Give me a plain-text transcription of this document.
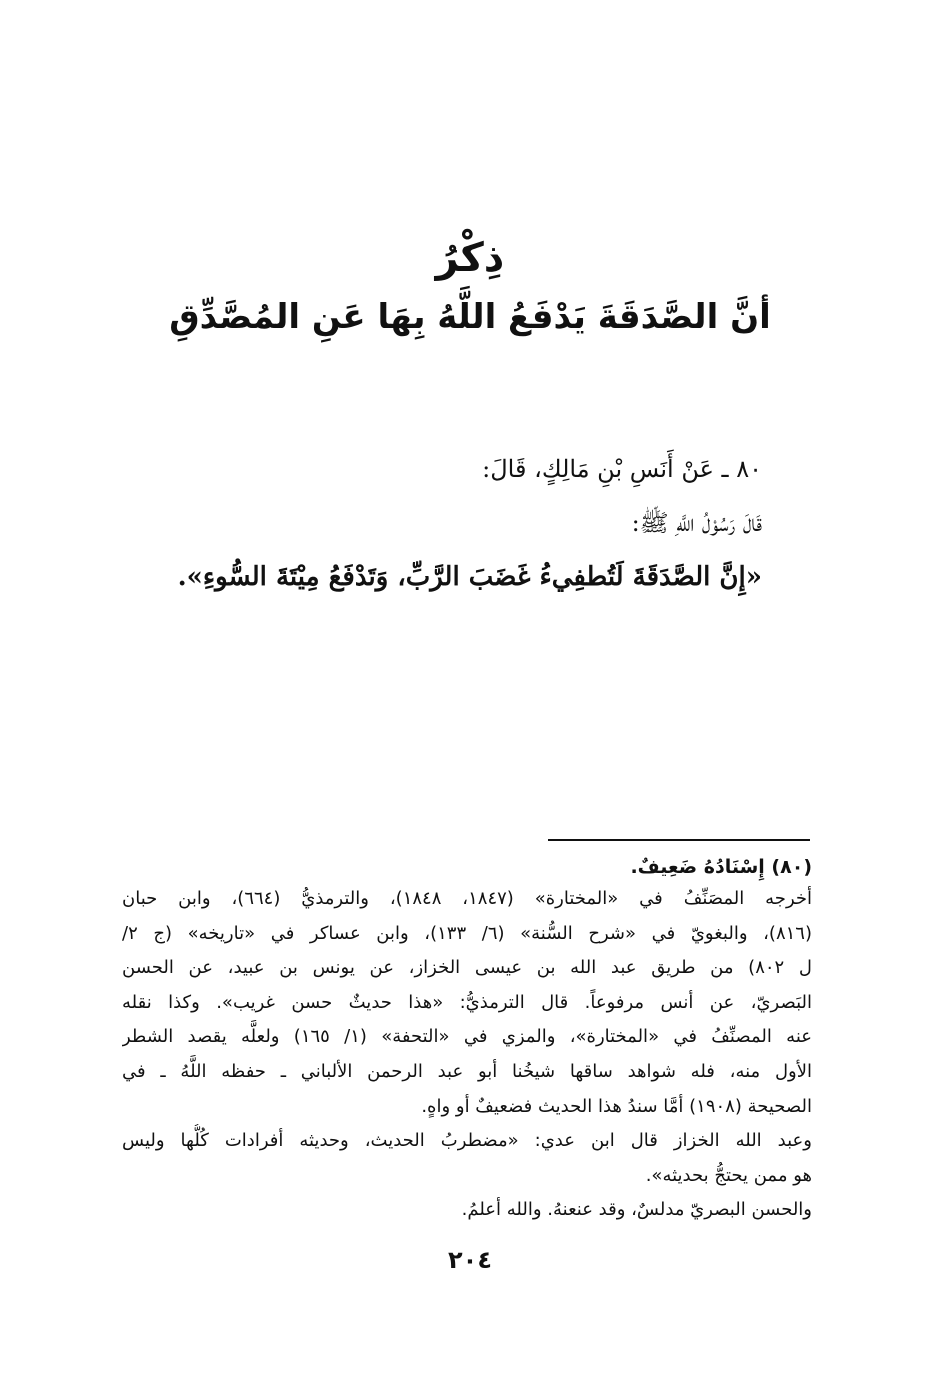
ذِكْرُ
أنَّ الصَّدَقَةَ يَدْفَعُ اللَّهُ بِهَا عَنِ المُصَّدِّقِ
٨٠ ـ عَنْ أَنَسِ بْنِ مَالِكٍ، قَالَ:
قَالَ رَسُوْلُ اللَّهِ ﷺ:
«إِنَّ الصَّدَقَةَ لَتُطفِيءُ غَضَبَ الرَّبِّ، وَتَدْفَعُ مِيْتَةَ السُّوءِ».
(٨٠) إِسْنَادُهُ ضَعِيفٌ.
أخرجه المصَنِّفُ في «المختارة» (١٨٤٧، ١٨٤٨)، والترمذيُّ (٦٦٤)، وابن حبان
(٨١٦)، والبغويّ في «شرح السُّنة» (٦/ ١٣٣)، وابن عساكر في «تاريخه» (ج ٢/
ل ٨٠٢) من طريق عبد الله بن عيسى الخزاز، عن يونس بن عبيد، عن الحسن
البَصريّ، عن أنس مرفوعاً. قال الترمذيُّ: «هذا حديثٌ حسن غريب». وكذا نقله
عنه المصنِّفُ في «المختارة»، والمزي في «التحفة» (١/ ١٦٥) ولعلَّه يقصد الشطر
الأول منه، فله شواهد ساقها شيخُنا أبو عبد الرحمن الألباني ـ حفظه اللَّهُ ـ في
الصحيحة (١٩٠٨) أمَّا سندُ هذا الحديث فضعيفٌ أو واهٍ.
وعبد الله الخزاز قال ابن عدي: «مضطربُ الحديث، وحديثه أفرادات كُلُّها وليس
هو ممن يحتجُّ بحديثه».
والحسن البصريّ مدلسٌ، وقد عنعنهُ. والله أعلمُ.
٢٠٤
